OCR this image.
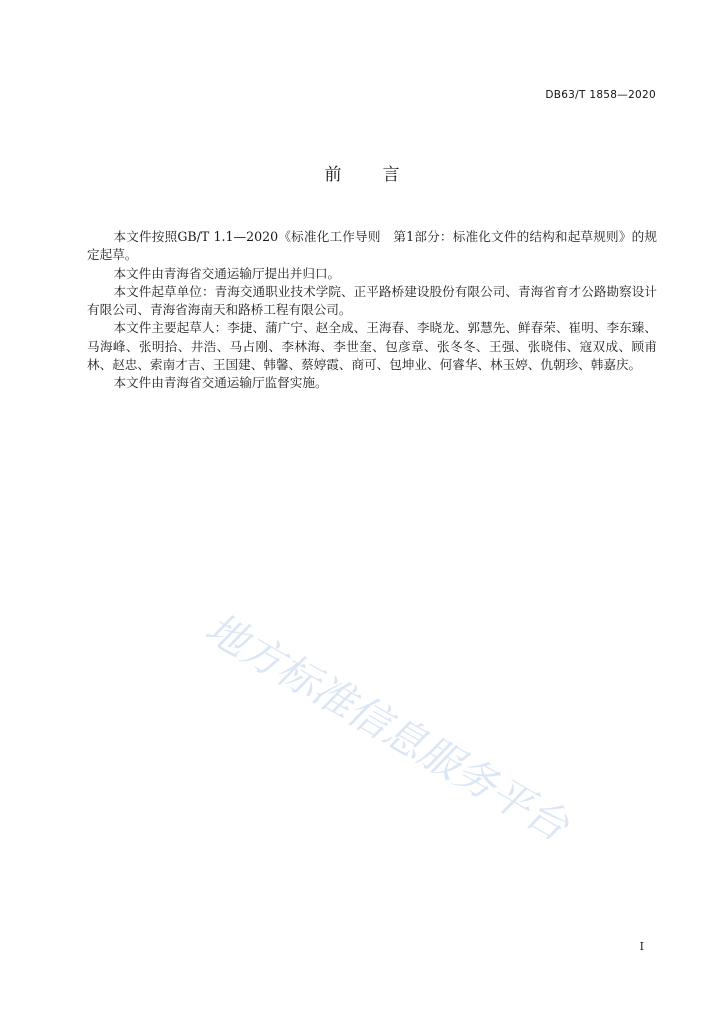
DB63/T 1858—2020
前　言

本文件按照GB/T 1.1—2020《标准化工作导则　第1部分：标准化文件的结构和起草规则》的规定起草。

本文件由青海省交通运输厅提出并归口。

本文件起草单位：青海交通职业技术学院、正平路桥建设股份有限公司、青海省育才公路勘察设计有限公司、青海省海南天和路桥工程有限公司。

本文件主要起草人：李捷、蒲广宁、赵全成、王海春、李晓龙、郭慧先、鲜春荣、崔明、李东臻、马海峰、张明拾、井浩、马占刚、李林海、李世奎、包彦章、张冬冬、王强、张晓伟、寇双成、顾甫林、赵忠、索南才吉、王国建、韩馨、蔡婷霞、商可、包坤业、何睿华、林玉婷、仇朝珍、韩嘉庆。

本文件由青海省交通运输厅监督实施。

地方标准信息服务平台
I
